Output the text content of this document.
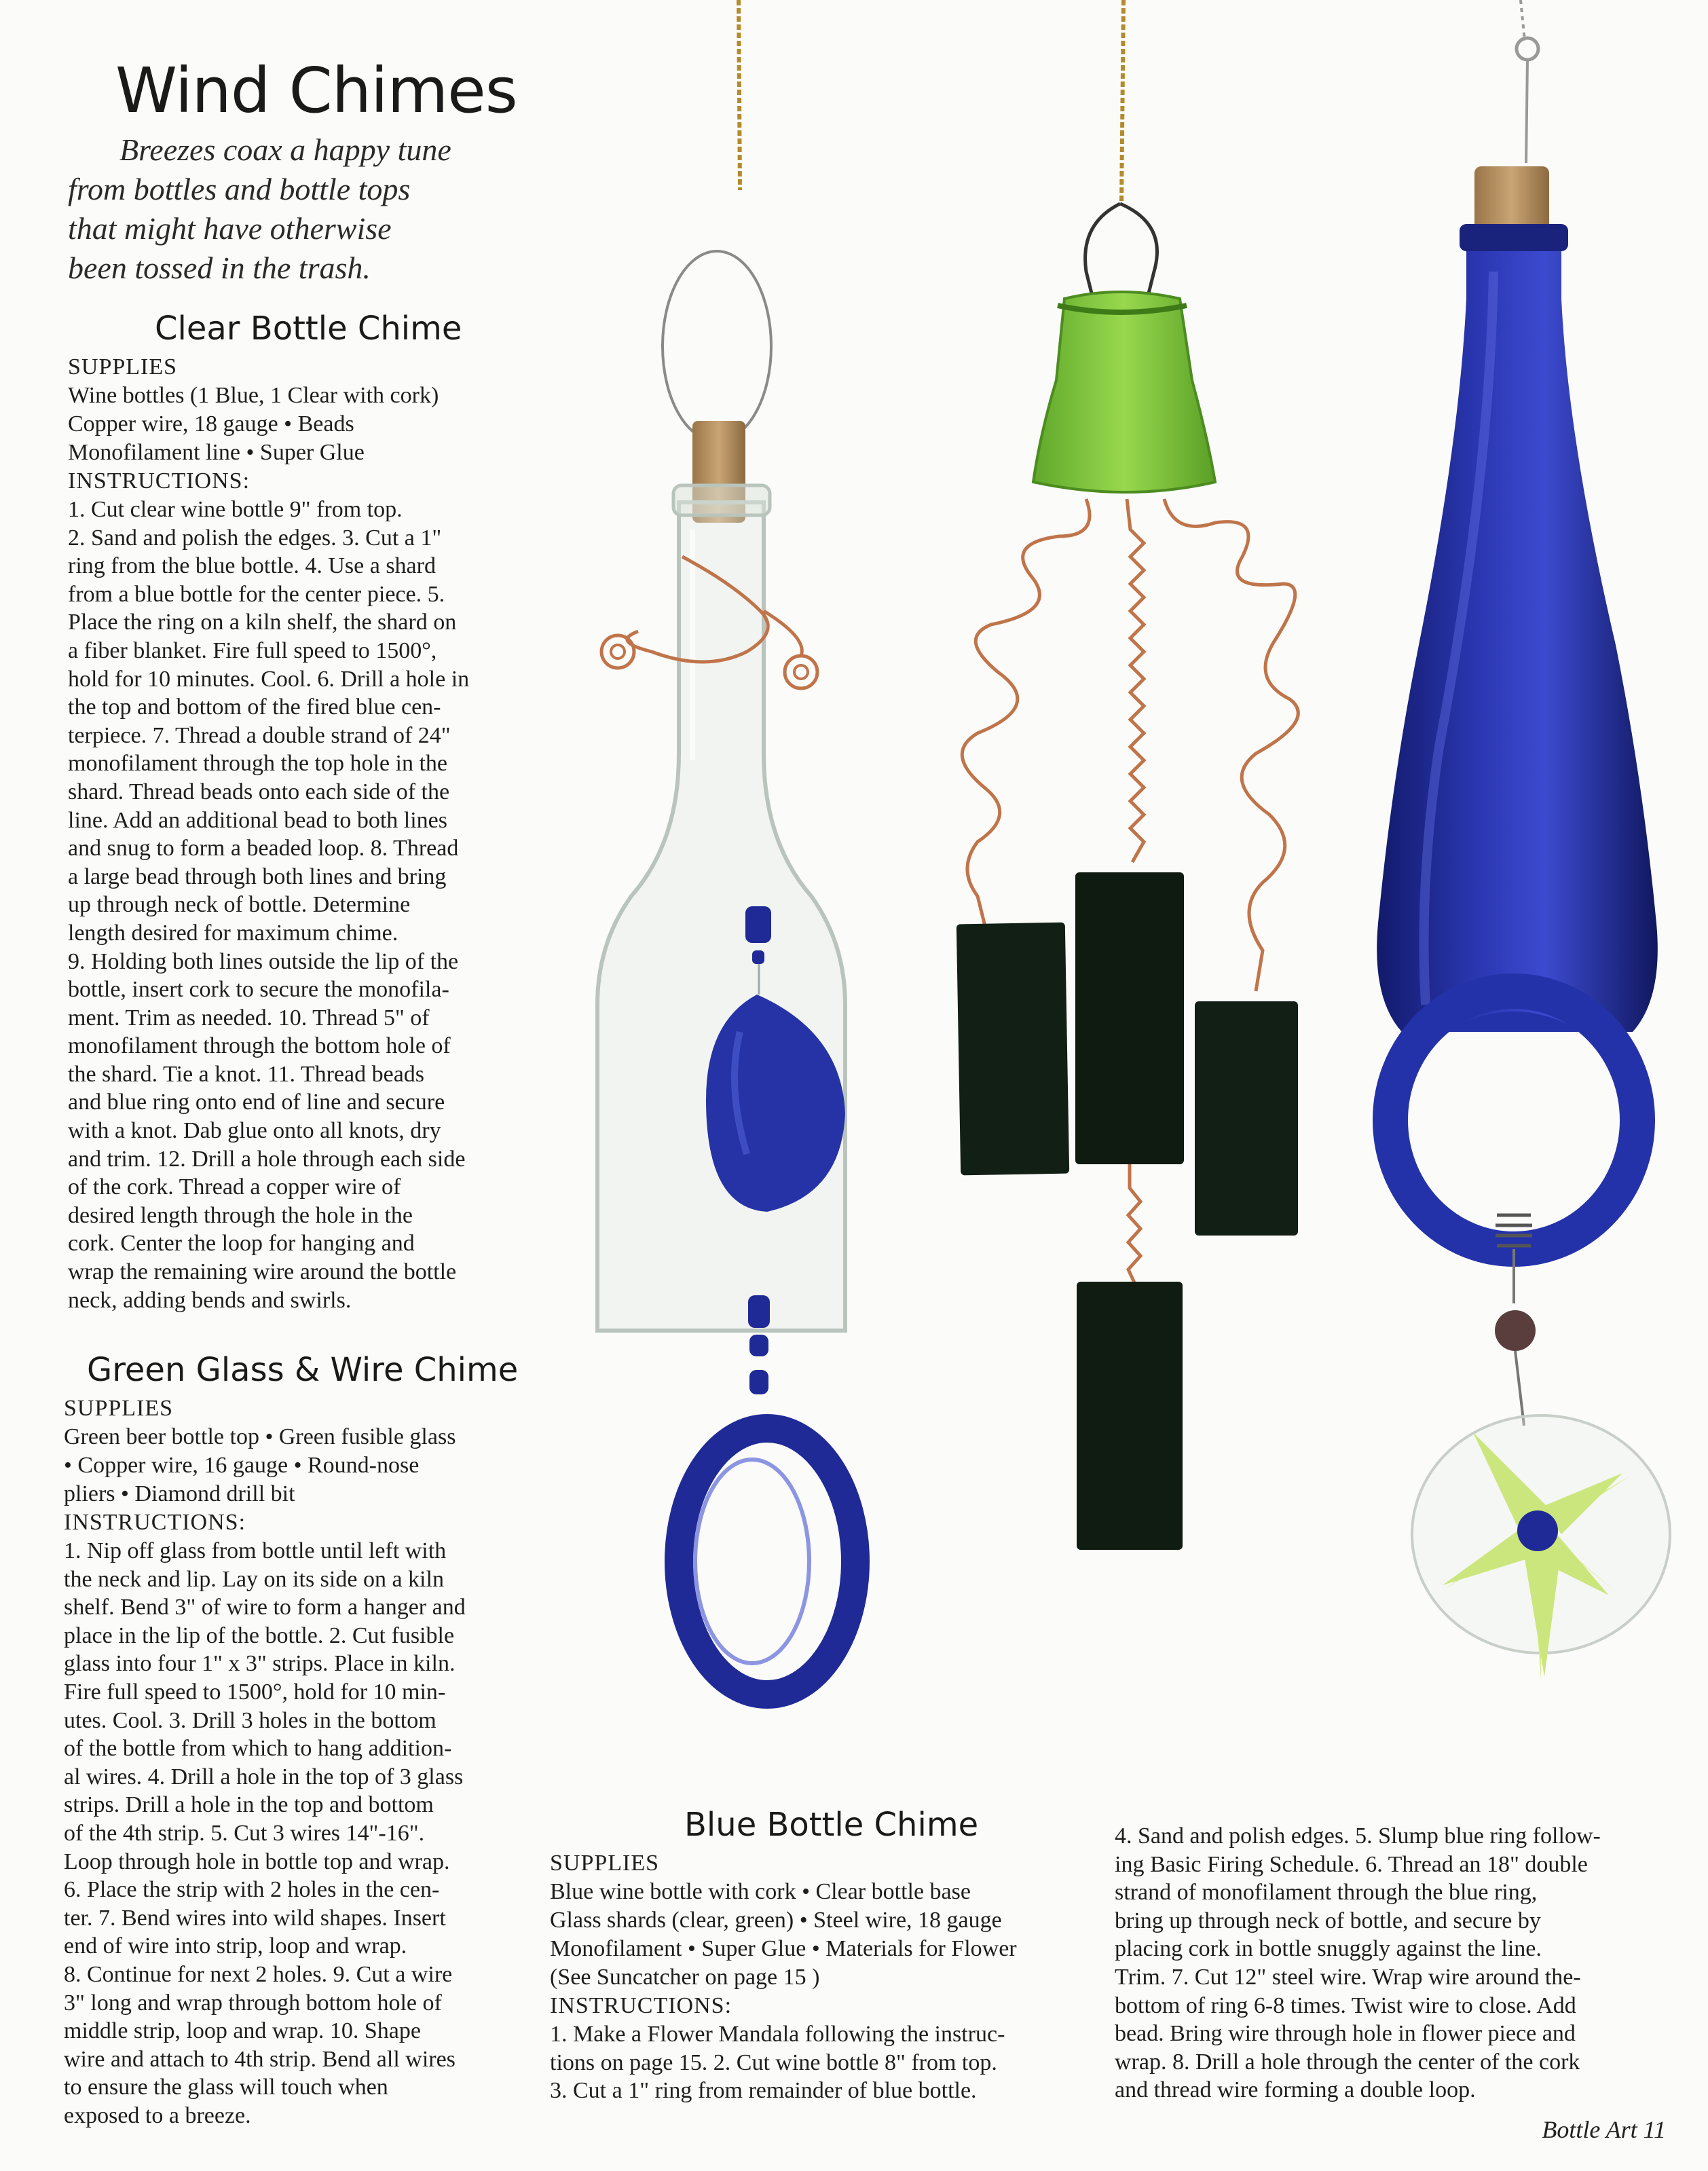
Wind Chimes
Breezes coax a happy tune
from bottles and bottle tops
that might have otherwise
been tossed in the trash.
Clear Bottle Chime
SUPPLIES
Wine bottles (1 Blue, 1 Clear with cork)
Copper wire, 18 gauge • Beads
Monofilament line • Super Glue
INSTRUCTIONS:
1. Cut clear wine bottle 9" from top.
2. Sand and polish the edges. 3. Cut a 1"
ring from the blue bottle. 4. Use a shard
from a blue bottle for the center piece. 5.
Place the ring on a kiln shelf, the shard on
a fiber blanket. Fire full speed to 1500°,
hold for 10 minutes. Cool. 6. Drill a hole in
the top and bottom of the fired blue cen-
terpiece. 7. Thread a double strand of 24"
monofilament through the top hole in the
shard. Thread beads onto each side of the
line. Add an additional bead to both lines
and snug to form a beaded loop. 8. Thread
a large bead through both lines and bring
up through neck of bottle. Determine
length desired for maximum chime.
9. Holding both lines outside the lip of the
bottle, insert cork to secure the monofila-
ment. Trim as needed. 10. Thread 5" of
monofilament through the bottom hole of
the shard. Tie a knot. 11. Thread beads
and blue ring onto end of line and secure
with a knot. Dab glue onto all knots, dry
and trim. 12. Drill a hole through each side
of the cork. Thread a copper wire of
desired length through the hole in the
cork. Center the loop for hanging and
wrap the remaining wire around the bottle
neck, adding bends and swirls.
Green Glass & Wire Chime
SUPPLIES
Green beer bottle top • Green fusible glass
• Copper wire, 16 gauge • Round-nose
pliers • Diamond drill bit
INSTRUCTIONS:
1. Nip off glass from bottle until left with
the neck and lip. Lay on its side on a kiln
shelf. Bend 3" of wire to form a hanger and
place in the lip of the bottle. 2. Cut fusible
glass into four 1" x 3" strips. Place in kiln.
Fire full speed to 1500°, hold for 10 min-
utes. Cool. 3. Drill 3 holes in the bottom
of the bottle from which to hang addition-
al wires. 4. Drill a hole in the top of 3 glass
strips. Drill a hole in the top and bottom
of the 4th strip. 5. Cut 3 wires 14"-16".
Loop through hole in bottle top and wrap.
6. Place the strip with 2 holes in the cen-
ter. 7. Bend wires into wild shapes. Insert
end of wire into strip, loop and wrap.
8. Continue for next 2 holes. 9. Cut a wire
3" long and wrap through bottom hole of
middle strip, loop and wrap. 10. Shape
wire and attach to 4th strip. Bend all wires
to ensure the glass will touch when
exposed to a breeze.
Blue Bottle Chime
SUPPLIES
Blue wine bottle with cork • Clear bottle base
Glass shards (clear, green) • Steel wire, 18 gauge
Monofilament • Super Glue • Materials for Flower
(See Suncatcher on page 15 )
INSTRUCTIONS:
1. Make a Flower Mandala following the instruc-
tions on page 15. 2. Cut wine bottle 8" from top.
3. Cut a 1" ring from remainder of blue bottle.
4. Sand and polish edges. 5. Slump blue ring follow-
ing Basic Firing Schedule. 6. Thread an 18" double
strand of monofilament through the blue ring,
bring up through neck of bottle, and secure by
placing cork in bottle snuggly against the line.
Trim. 7. Cut 12" steel wire. Wrap wire around the-
bottom of ring 6-8 times. Twist wire to close. Add
bead. Bring wire through hole in flower piece and
wrap. 8. Drill a hole through the center of the cork
and thread wire forming a double loop.
Bottle Art 11
